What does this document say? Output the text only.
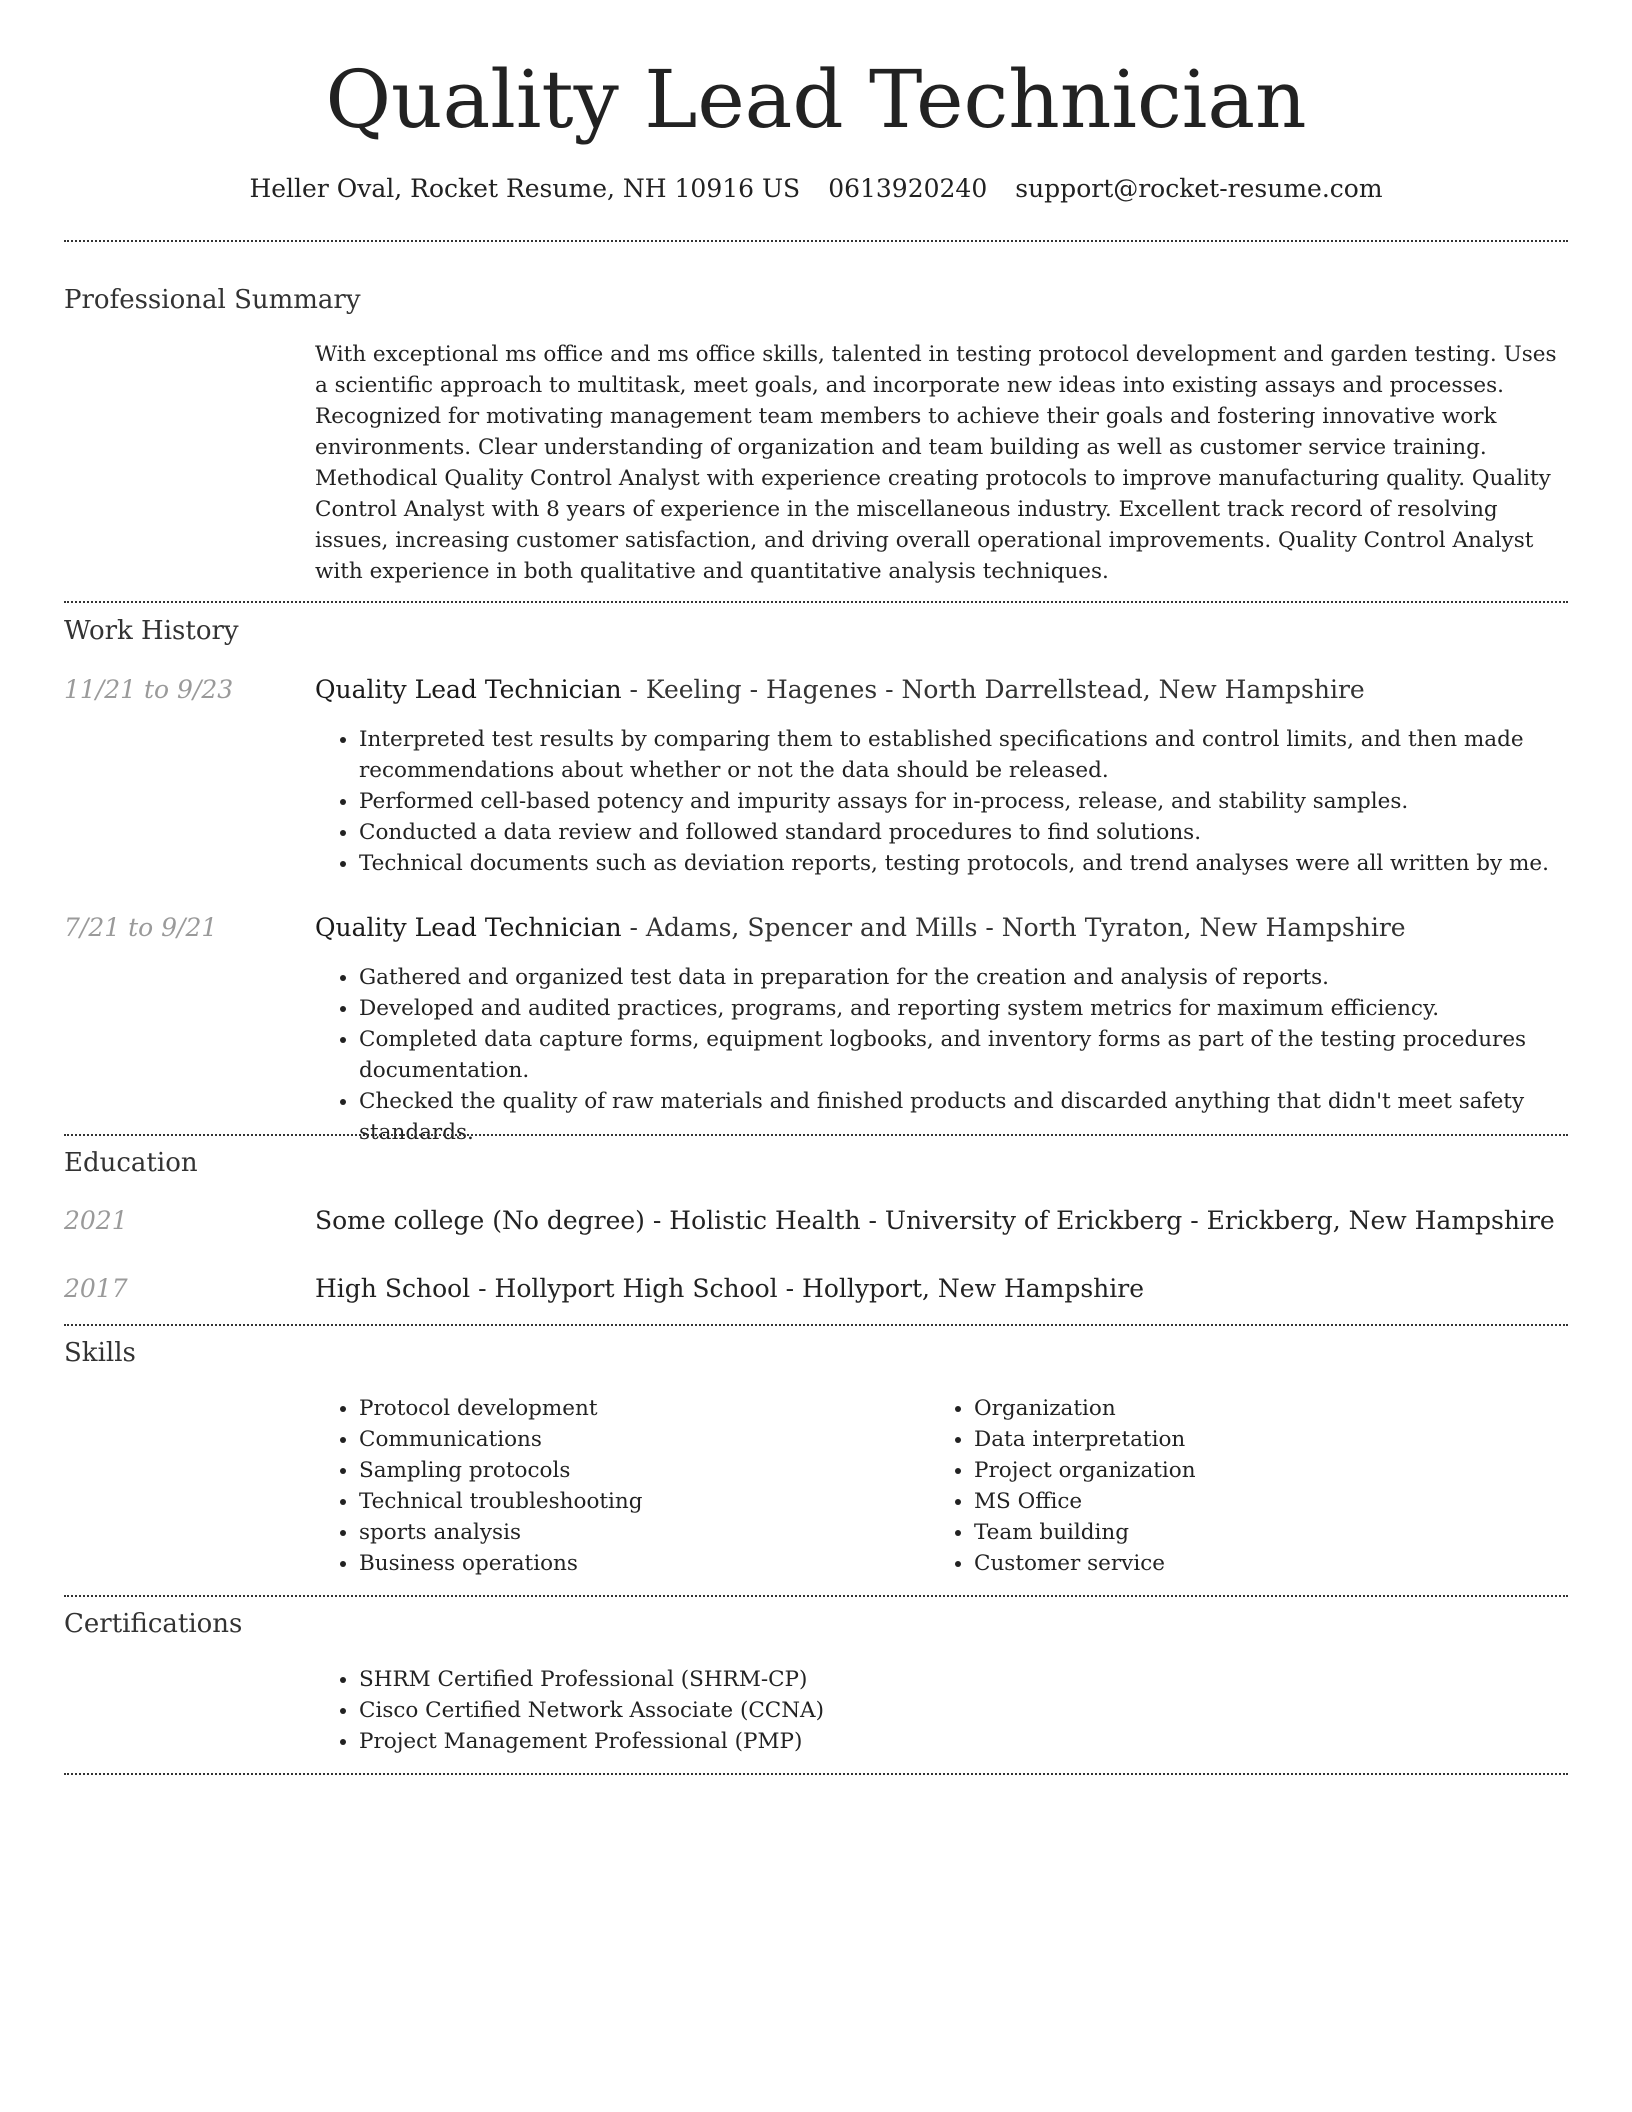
Quality Lead Technician
Heller Oval, Rocket Resume, NH 10916 US 0613920240 support@rocket-resume.com
Professional Summary

With exceptional ms office and ms office skills, talented in testing protocol development and garden testing. Uses a scientific approach to multitask, meet goals, and incorporate new ideas into existing assays and processes. Recognized for motivating management team members to achieve their goals and fostering innovative work environments. Clear understanding of organization and team building as well as customer service training. Methodical Quality Control Analyst with experience creating protocols to improve manufacturing quality. Quality Control Analyst with 8 years of experience in the miscellaneous industry. Excellent track record of resolving issues, increasing customer satisfaction, and driving overall operational improvements. Quality Control Analyst with experience in both qualitative and quantitative analysis techniques.

Work History
11/21 to 9/23	Quality Lead Technician - Keeling - Hagenes - North Darrellstead, New Hampshire
• Interpreted test results by comparing them to established specifications and control limits, and then made recommendations about whether or not the data should be released.
• Performed cell-based potency and impurity assays for in-process, release, and stability samples.
• Conducted a data review and followed standard procedures to find solutions.
• Technical documents such as deviation reports, testing protocols, and trend analyses were all written by me.
7/21 to 9/21	Quality Lead Technician - Adams, Spencer and Mills - North Tyraton, New Hampshire
• Gathered and organized test data in preparation for the creation and analysis of reports.
• Developed and audited practices, programs, and reporting system metrics for maximum efficiency.
• Completed data capture forms, equipment logbooks, and inventory forms as part of the testing procedures documentation.
• Checked the quality of raw materials and finished products and discarded anything that didn't meet safety standards.
Education
2021	Some college (No degree) - Holistic Health - University of Erickberg - Erickberg, New Hampshire
2017	High School - Hollyport High School - Hollyport, New Hampshire
Skills
• Protocol development
• Communications
• Sampling protocols
• Technical troubleshooting
• sports analysis
• Business operations
• Organization
• Data interpretation
• Project organization
• MS Office
• Team building
• Customer service
Certifications
• SHRM Certified Professional (SHRM-CP)
• Cisco Certified Network Associate (CCNA)
• Project Management Professional (PMP)
